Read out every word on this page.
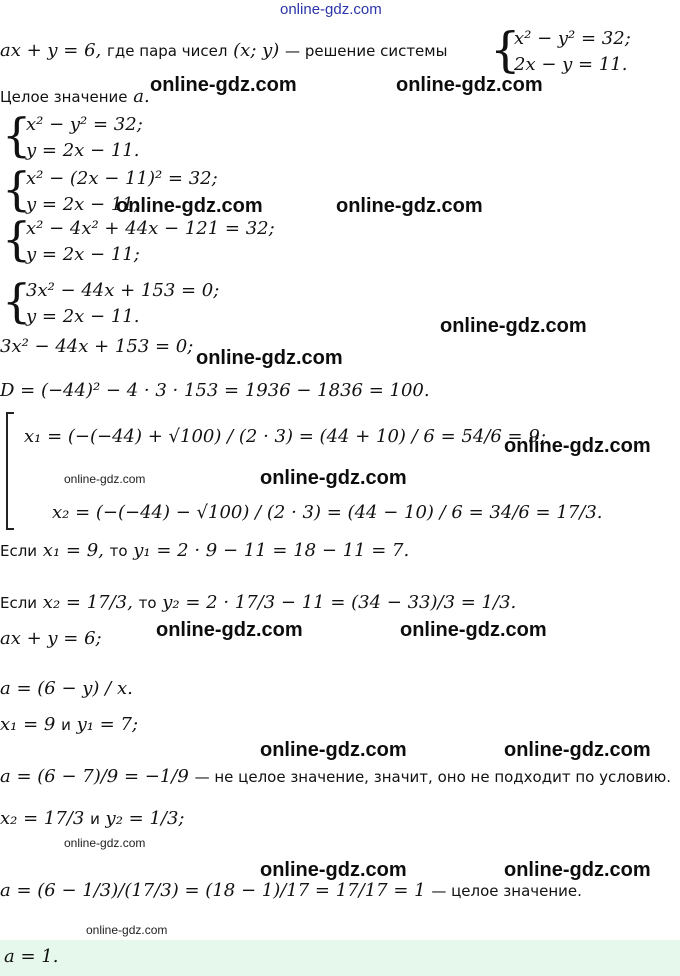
online-gdz.com
ax + y = 6, где пара чисел (x; y) — решение системы {
x² − y² = 32;
2x − y = 11.
Целое значение a.
{
x² − y² = 32;
y = 2x − 11.
{
x² − (2x − 11)² = 32;
y = 2x − 11;
{
x² − 4x² + 44x − 121 = 32;
y = 2x − 11;
{
3x² − 44x + 153 = 0;
y = 2x − 11.
3x² − 44x + 153 = 0;
D = (−44)² − 4 · 3 · 153 = 1936 − 1836 = 100.
x₁ = (−(−44) + √100) / (2 · 3) = (44 + 10) / 6 = 54/6 = 9;
x₂ = (−(−44) − √100) / (2 · 3) = (44 − 10) / 6 = 34/6 = 17/3.
Если x₁ = 9, то y₁ = 2 · 9 − 11 = 18 − 11 = 7.
Если x₂ = 17/3, то y₂ = 2 · 17/3 − 11 = (34 − 33)/3 = 1/3.
ax + y = 6;
a = (6 − y) / x.
x₁ = 9 и y₁ = 7;
a = (6 − 7)/9 = −1/9 — не целое значение, значит, оно не подходит по условию.
x₂ = 17/3 и y₂ = 1/3;
a = (6 − 1/3)/(17/3) = (18 − 1)/17 = 17/17 = 1 — целое значение.
a = 1.
online-gdz.com	online-gdz.com
online-gdz.com	online-gdz.com
online-gdz.com
online-gdz.com
online-gdz.com
online-gdz.com
online-gdz.com	online-gdz.com
online-gdz.com	online-gdz.com
online-gdz.com	online-gdz.com
online-gdz.com
online-gdz.com
online-gdz.com
